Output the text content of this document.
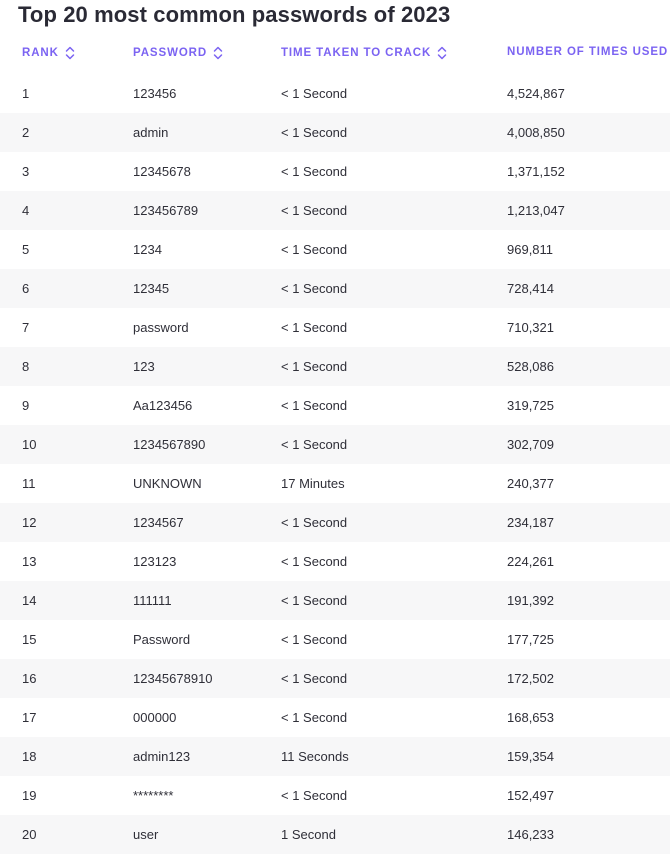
Top 20 most common passwords of 2023
RANK	PASSWORD	TIME TAKEN TO CRACK	NUMBER OF TIMES USED
1	123456	< 1 Second	4,524,867
2	admin	< 1 Second	4,008,850
3	12345678	< 1 Second	1,371,152
4	123456789	< 1 Second	1,213,047
5	1234	< 1 Second	969,811
6	12345	< 1 Second	728,414
7	password	< 1 Second	710,321
8	123	< 1 Second	528,086
9	Aa123456	< 1 Second	319,725
10	1234567890	< 1 Second	302,709
11	UNKNOWN	17 Minutes	240,377
12	1234567	< 1 Second	234,187
13	123123	< 1 Second	224,261
14	111111	< 1 Second	191,392
15	Password	< 1 Second	177,725
16	12345678910	< 1 Second	172,502
17	000000	< 1 Second	168,653
18	admin123	11 Seconds	159,354
19	********	< 1 Second	152,497
20	user	1 Second	146,233
